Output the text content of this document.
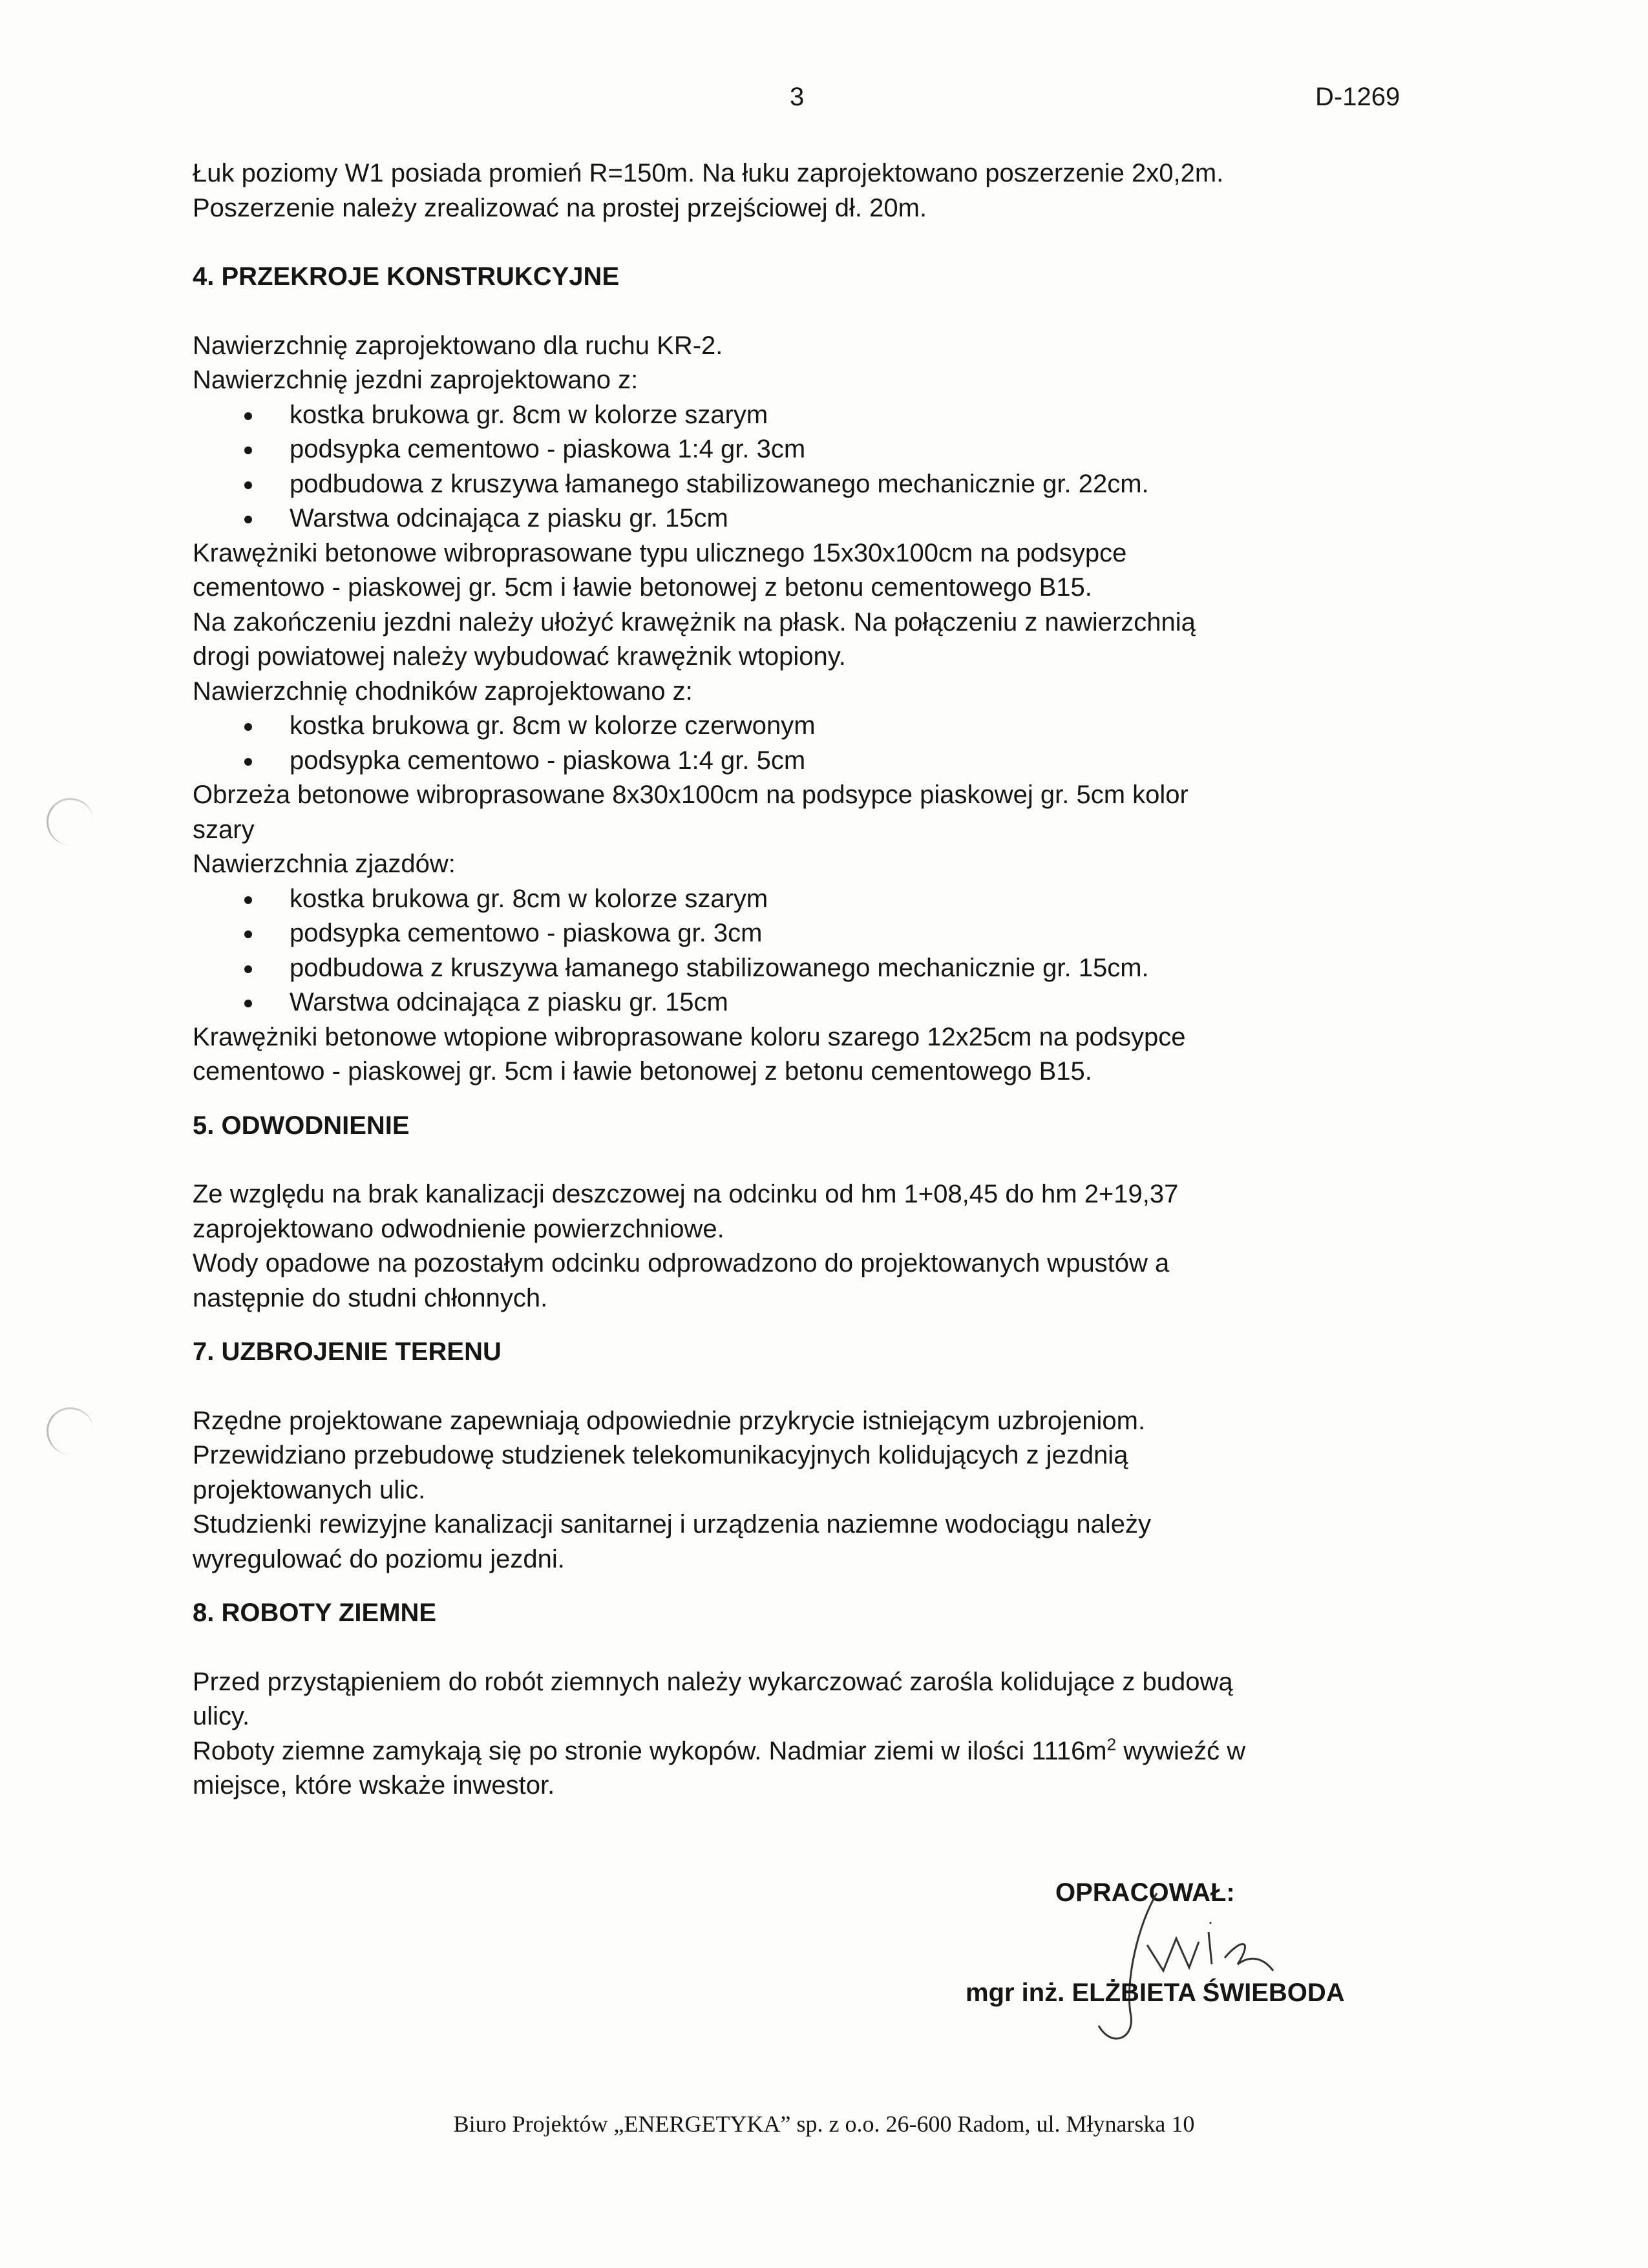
3	D-1269

Łuk poziomy W1 posiada promień R=150m. Na łuku zaprojektowano poszerzenie 2x0,2m.

Poszerzenie należy zrealizować na prostej przejściowej dł. 20m.

4. PRZEKROJE KONSTRUKCYJNE

Nawierzchnię zaprojektowano dla ruchu KR-2.

Nawierzchnię jezdni zaprojektowano z:

kostka brukowa gr. 8cm w kolorze szarym
podsypka cementowo - piaskowa 1:4 gr. 3cm
podbudowa z kruszywa łamanego stabilizowanego mechanicznie gr. 22cm.
Warstwa odcinająca z piasku gr. 15cm

Krawężniki betonowe wibroprasowane typu ulicznego 15x30x100cm na podsypce

cementowo - piaskowej gr. 5cm i ławie betonowej z betonu cementowego B15.

Na zakończeniu jezdni należy ułożyć krawężnik na płask. Na połączeniu z nawierzchnią

drogi powiatowej należy wybudować krawężnik wtopiony.

Nawierzchnię chodników zaprojektowano z:

kostka brukowa gr. 8cm w kolorze czerwonym
podsypka cementowo - piaskowa 1:4 gr. 5cm

Obrzeża betonowe wibroprasowane 8x30x100cm na podsypce piaskowej gr. 5cm kolor

szary

Nawierzchnia zjazdów:

kostka brukowa gr. 8cm w kolorze szarym
podsypka cementowo - piaskowa gr. 3cm
podbudowa z kruszywa łamanego stabilizowanego mechanicznie gr. 15cm.
Warstwa odcinająca z piasku gr. 15cm

Krawężniki betonowe wtopione wibroprasowane koloru szarego 12x25cm na podsypce

cementowo - piaskowej gr. 5cm i ławie betonowej z betonu cementowego B15.

5. ODWODNIENIE

Ze względu na brak kanalizacji deszczowej na odcinku od hm 1+08,45 do hm 2+19,37

zaprojektowano odwodnienie powierzchniowe.

Wody opadowe na pozostałym odcinku odprowadzono do projektowanych wpustów a

następnie do studni chłonnych.

7. UZBROJENIE TERENU

Rzędne projektowane zapewniają odpowiednie przykrycie istniejącym uzbrojeniom.

Przewidziano przebudowę studzienek telekomunikacyjnych kolidujących z jezdnią

projektowanych ulic.

Studzienki rewizyjne kanalizacji sanitarnej i urządzenia naziemne wodociągu należy

wyregulować do poziomu jezdni.

8. ROBOTY ZIEMNE

Przed przystąpieniem do robót ziemnych należy wykarczować zarośla kolidujące z budową

ulicy.

Roboty ziemne zamykają się po stronie wykopów. Nadmiar ziemi w ilości $1116m^2$ wywieźć w

miejsce, które wskaże inwestor.

OPRACOWAŁ:
mgr inż. ELŻBIETA ŚWIEBODA
Biuro Projektów „ENERGETYKA” sp. z o.o. 26-600 Radom, ul. Młynarska 10
